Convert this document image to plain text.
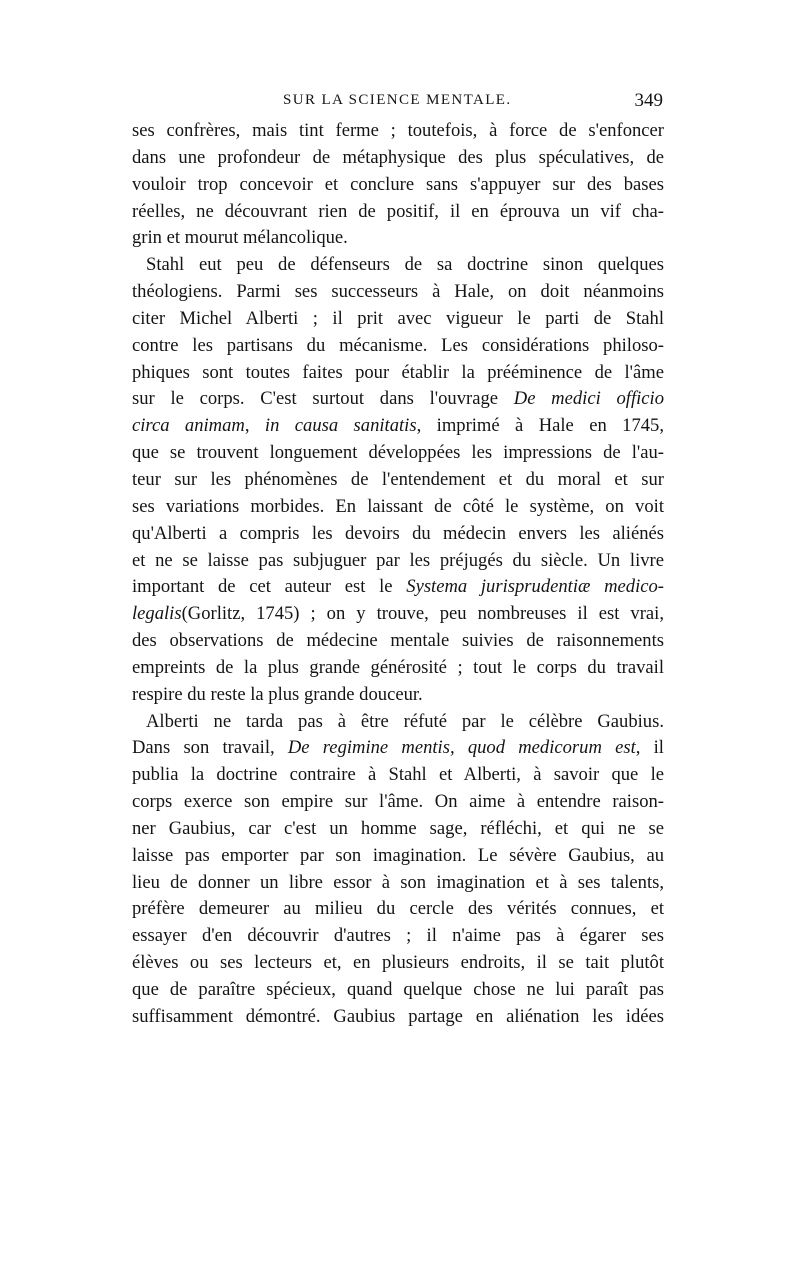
SUR LA SCIENCE MENTALE.	349
ses confrères, mais tint ferme ; toutefois, à force de s'enfoncer
dans une profondeur de métaphysique des plus spéculatives, de
vouloir trop concevoir et conclure sans s'appuyer sur des bases
réelles, ne découvrant rien de positif, il en éprouva un vif cha-
grin et mourut mélancolique.
Stahl eut peu de défenseurs de sa doctrine sinon quelques
théologiens. Parmi ses successeurs à Hale, on doit néanmoins
citer Michel Alberti ; il prit avec vigueur le parti de Stahl
contre les partisans du mécanisme. Les considérations philoso-
phiques sont toutes faites pour établir la prééminence de l'âme
sur le corps. C'est surtout dans l'ouvrage De medici officio
circa animam, in causa sanitatis, imprimé à Hale en 1745,
que se trouvent longuement développées les impressions de l'au-
teur sur les phénomènes de l'entendement et du moral et sur
ses variations morbides. En laissant de côté le système, on voit
qu'Alberti a compris les devoirs du médecin envers les aliénés
et ne se laisse pas subjuguer par les préjugés du siècle. Un livre
important de cet auteur est le Systema jurisprudentiæ medico-
legalis(Gorlitz, 1745) ; on y trouve, peu nombreuses il est vrai,
des observations de médecine mentale suivies de raisonnements
empreints de la plus grande générosité ; tout le corps du travail
respire du reste la plus grande douceur.
Alberti ne tarda pas à être réfuté par le célèbre Gaubius.
Dans son travail, De regimine mentis, quod medicorum est, il
publia la doctrine contraire à Stahl et Alberti, à savoir que le
corps exerce son empire sur l'âme. On aime à entendre raison-
ner Gaubius, car c'est un homme sage, réfléchi, et qui ne se
laisse pas emporter par son imagination. Le sévère Gaubius, au
lieu de donner un libre essor à son imagination et à ses talents,
préfère demeurer au milieu du cercle des vérités connues, et
essayer d'en découvrir d'autres ; il n'aime pas à égarer ses
élèves ou ses lecteurs et, en plusieurs endroits, il se tait plutôt
que de paraître spécieux, quand quelque chose ne lui paraît pas
suffisamment démontré. Gaubius partage en aliénation les idées
